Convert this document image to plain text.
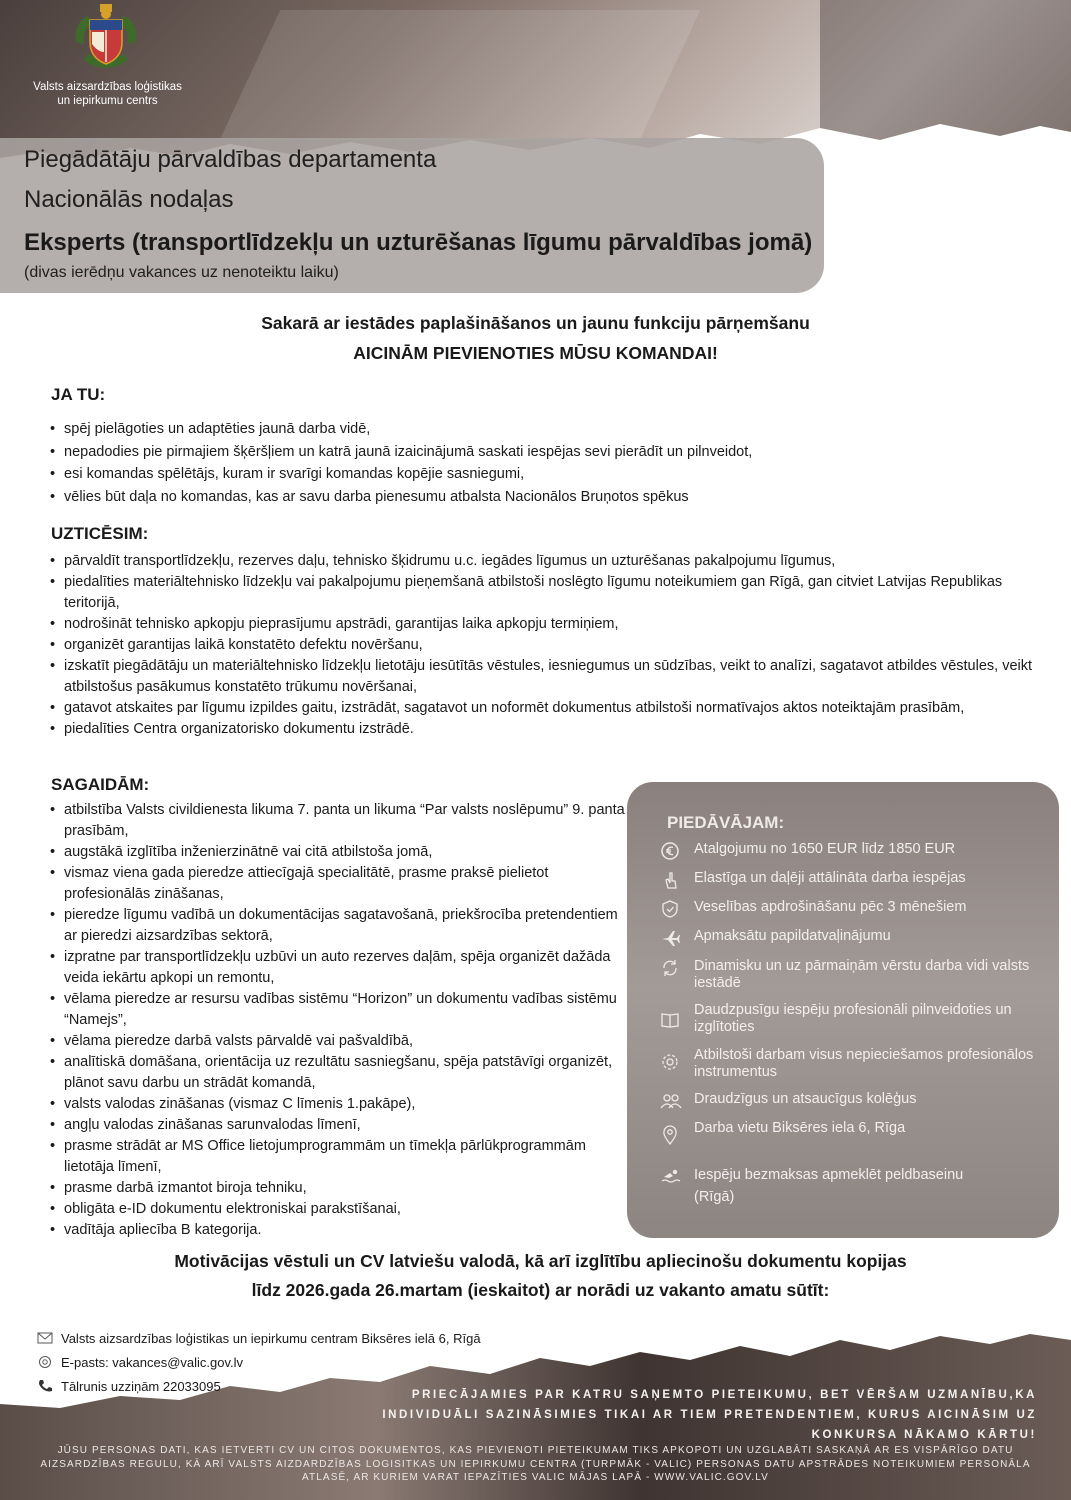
Valsts aizsardzības loģistikas
un iepirkumu centrs
Piegādātāju pārvaldības departamenta
Nacionālās nodaļas
Eksperts (transportlīdzekļu un uzturēšanas līgumu pārvaldības jomā)
(divas ierēdņu vakances uz nenoteiktu laiku)
Sakarā ar iestādes paplašināšanos un jaunu funkciju pārņemšanu
AICINĀM PIEVIENOTIES MŪSU KOMANDAI!
JA TU:
• spēj pielāgoties un adaptēties jaunā darba vidē,
• nepadodies pie pirmajiem šķēršļiem un katrā jaunā izaicinājumā saskati iespējas sevi pierādīt un pilnveidot,
• esi komandas spēlētājs, kuram ir svarīgi komandas kopējie sasniegumi,
• vēlies būt daļa no komandas, kas ar savu darba pienesumu atbalsta Nacionālos Bruņotos spēkus
UZTICĒSIM:
• pārvaldīt transportlīdzekļu, rezerves daļu, tehnisko šķidrumu u.c. iegādes līgumus un uzturēšanas pakalpojumu līgumus,
• piedalīties materiāltehnisko līdzekļu vai pakalpojumu pieņemšanā atbilstoši noslēgto līgumu noteikumiem gan Rīgā, gan citviet Latvijas Republikas teritorijā,
• nodrošināt tehnisko apkopju pieprasījumu apstrādi, garantijas laika apkopju termiņiem,
• organizēt garantijas laikā konstatēto defektu novēršanu,
• izskatīt piegādātāju un materiāltehnisko līdzekļu lietotāju iesūtītās vēstules, iesniegumus un sūdzības, veikt to analīzi, sagatavot atbildes vēstules, veikt atbilstošus pasākumus konstatēto trūkumu novēršanai,
• gatavot atskaites par līgumu izpildes gaitu, izstrādāt, sagatavot un noformēt dokumentus atbilstoši normatīvajos aktos noteiktajām prasībām,
• piedalīties Centra organizatorisko dokumentu izstrādē.
SAGAIDĀM:
• atbilstība Valsts civildienesta likuma 7. panta un likuma “Par valsts noslēpumu” 9. panta prasībām,
• augstākā izglītība inženierzinātnē vai citā atbilstoša jomā,
• vismaz viena gada pieredze attiecīgajā specialitātē, prasme praksē pielietot profesionālās zināšanas,
• pieredze līgumu vadībā un dokumentācijas sagatavošanā, priekšrocība pretendentiem ar pieredzi aizsardzības sektorā,
• izpratne par transportlīdzekļu uzbūvi un auto rezerves daļām, spēja organizēt dažāda veida iekārtu apkopi un remontu,
• vēlama pieredze ar resursu vadības sistēmu “Horizon” un dokumentu vadības sistēmu “Namejs”,
• vēlama pieredze darbā valsts pārvaldē vai pašvaldībā,
• analītiskā domāšana, orientācija uz rezultātu sasniegšanu, spēja patstāvīgi organizēt, plānot savu darbu un strādāt komandā,
• valsts valodas zināšanas (vismaz C līmenis 1.pakāpe),
• angļu valodas zināšanas sarunvalodas līmenī,
• prasme strādāt ar MS Office lietojumprogrammām un tīmekļa pārlūkprogrammām lietotāja līmenī,
• prasme darbā izmantot biroja tehniku,
• obligāta e-ID dokumentu elektroniskai parakstīšanai,
• vadītāja apliecība B kategorija.
PIEDĀVĀJAM:
Atalgojumu no 1650 EUR līdz 1850 EUR
Elastīga un daļēji attālināta darba iespējas
Veselības apdrošināšanu pēc 3 mēnešiem
Apmaksātu papildatvaļinājumu
Dinamisku un uz pārmaiņām vērstu darba vidi valsts iestādē
Daudzpusīgu iespēju profesionāli pilnveidoties un izglītoties
Atbilstoši darbam visus nepieciešamos profesionālos instrumentus
Draudzīgus un atsaucīgus kolēģus
Darba vietu Biksēres iela 6, Rīga
Iespēju bezmaksas apmeklēt peldbaseinu (Rīgā)
Motivācijas vēstuli un CV latviešu valodā, kā arī izglītību apliecinošu dokumentu kopijas
līdz 2026.gada 26.martam (ieskaitot) ar norādi uz vakanto amatu sūtīt:
Valsts aizsardzības loģistikas un iepirkumu centram Biksēres ielā 6, Rīgā
E-pasts: vakances@valic.gov.lv
Tālrunis uzziņām 22033095
PRIECĀJAMIES PAR KATRU SAŅEMTO PIETEIKUMU, BET VĒRŠAM UZMANĪBU,KA
INDIVIDUĀLI SAZINĀSIMIES TIKAI AR TIEM PRETENDENTIEM, KURUS AICINĀSIM UZ
KONKURSA NĀKAMO KĀRTU!
JŪSU PERSONAS DATI, KAS IETVERTI CV UN CITOS DOKUMENTOS, KAS PIEVIENOTI PIETEIKUMAM TIKS APKOPOTI UN UZGLABĀTI SASKAŅĀ AR ES VISPĀRĪGO DATU
AIZSARDZĪBAS REGULU, KĀ ARĪ VALSTS AIZDARDZĪBAS LOGISITKAS UN IEPIRKUMU CENTRA (TURPMĀK - VALIC) PERSONAS DATU APSTRĀDES NOTEIKUMIEM PERSONĀLA
ATLASĒ, AR KURIEM VARAT IEPAZĪTIES VALIC MĀJAS LAPĀ - WWW.VALIC.GOV.LV
